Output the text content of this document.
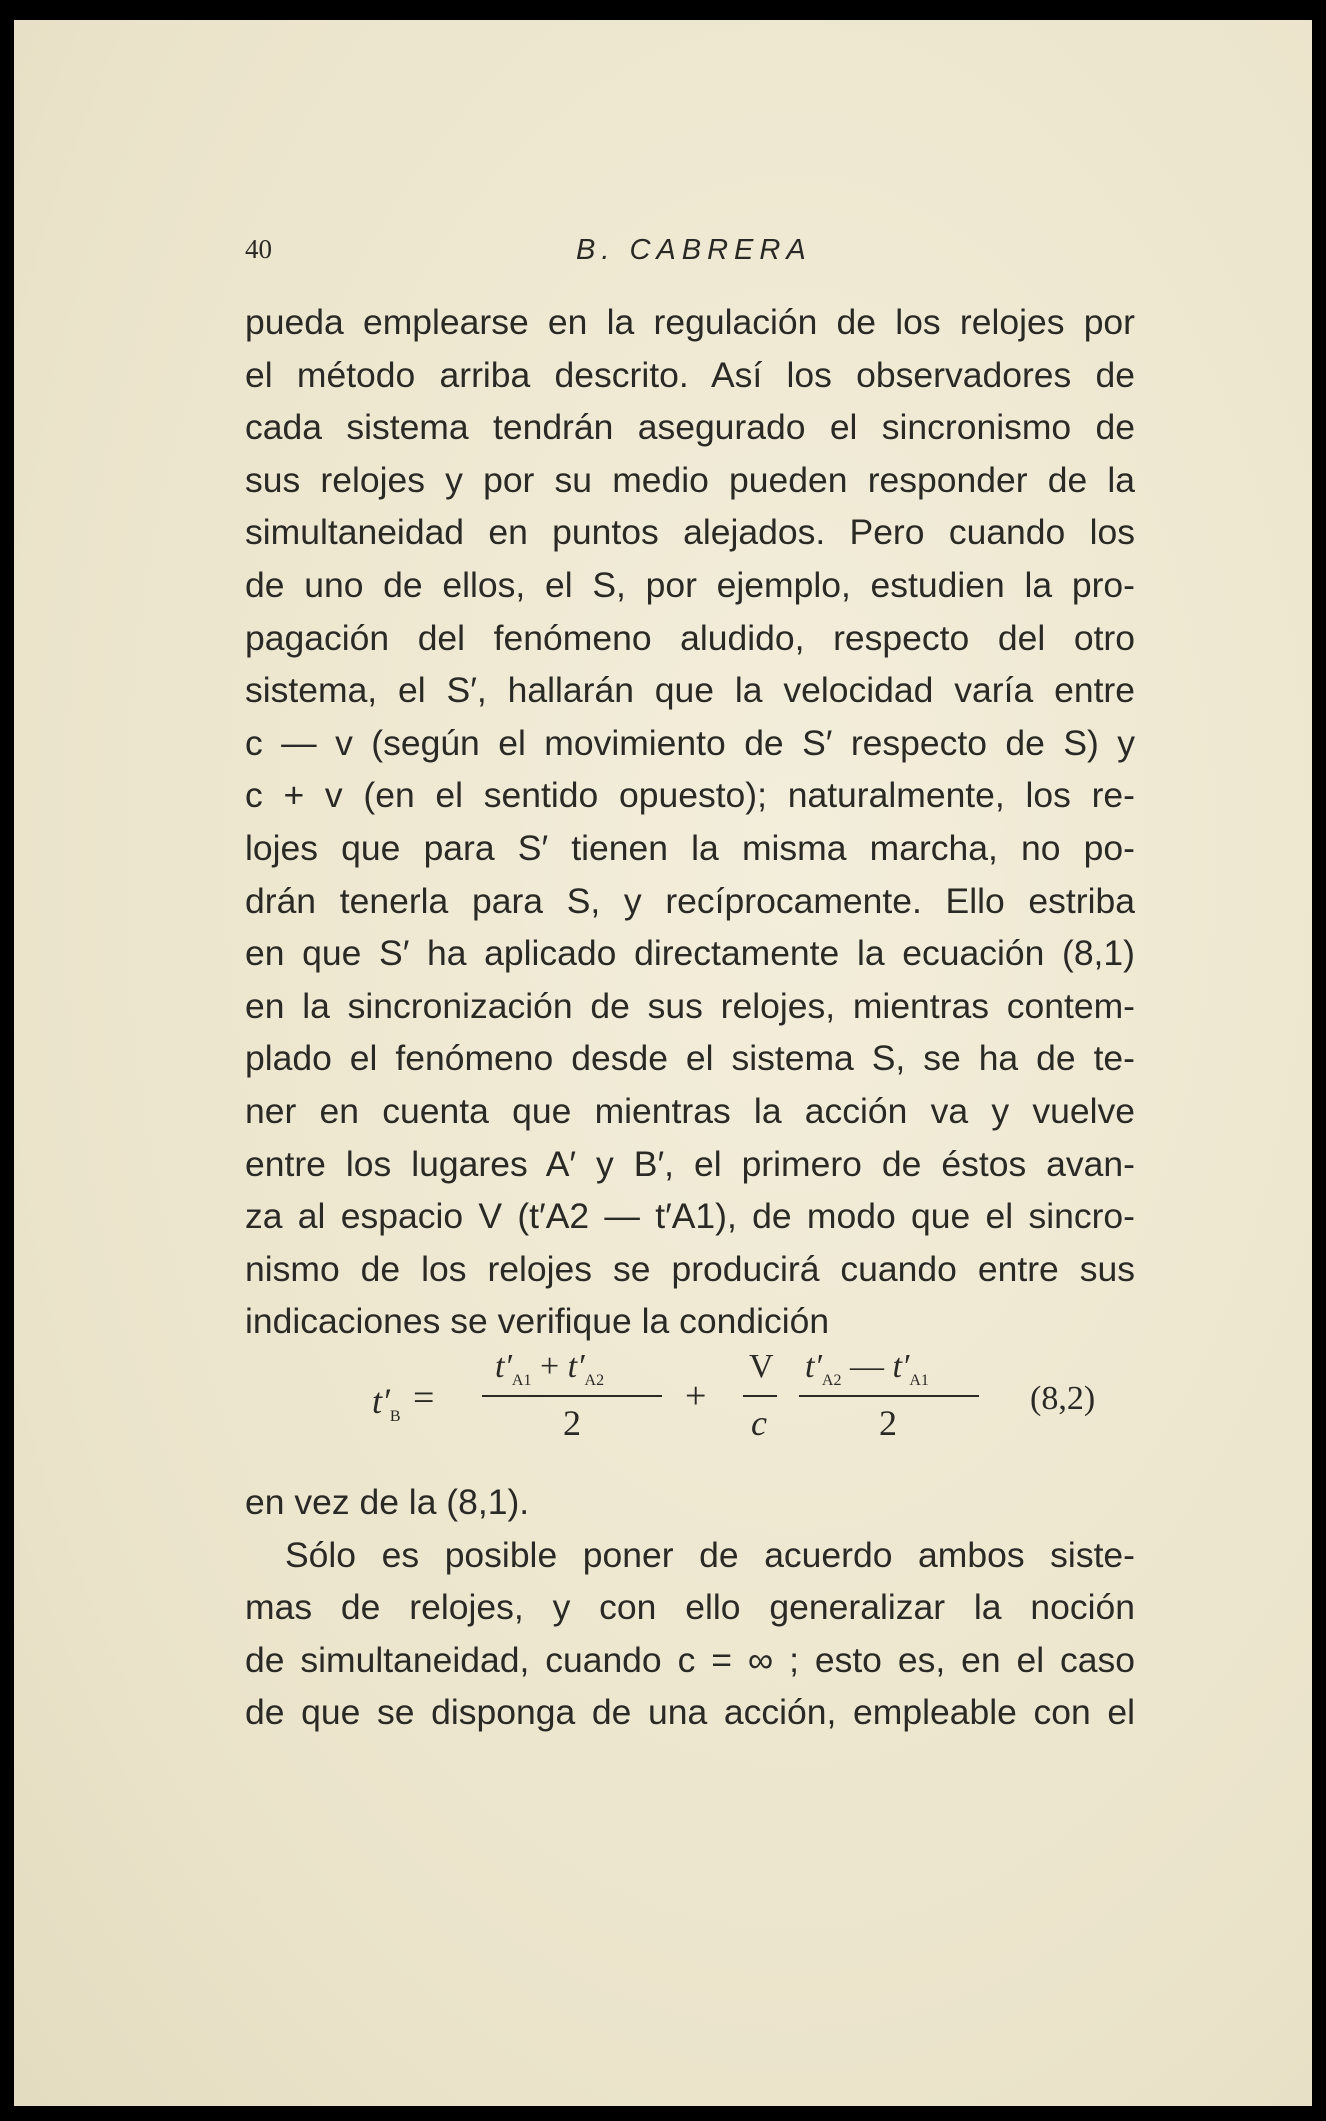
40	B. CABRERA
pueda emplearse en la regulación de los relojes por
el método arriba descrito. Así los observadores de
cada sistema tendrán asegurado el sincronismo de
sus relojes y por su medio pueden responder de la
simultaneidad en puntos alejados. Pero cuando los
de uno de ellos, el S, por ejemplo, estudien la pro-
pagación del fenómeno aludido, respecto del otro
sistema, el S′, hallarán que la velocidad varía entre
c — v (según el movimiento de S′ respecto de S) y
c + v (en el sentido opuesto); naturalmente, los re-
lojes que para S′ tienen la misma marcha, no po-
drán tenerla para S, y recíprocamente. Ello estriba
en que S′ ha aplicado directamente la ecuación (8,1)
en la sincronización de sus relojes, mientras contem-
plado el fenómeno desde el sistema S, se ha de te-
ner en cuenta que mientras la acción va y vuelve
entre los lugares A′ y B′, el primero de éstos avan-
za al espacio V (t′A2 — t′A1), de modo que el sincro-
nismo de los relojes se producirá cuando entre sus
indicaciones se verifique la condición
$t'_B$ =
$t'_{A1} + t'_{A2}$
2
+
V
c
$t'_{A2}$ — $t'_{A1}$
2
(8,2)
en vez de la (8,1).
Sólo es posible poner de acuerdo ambos siste-
mas de relojes, y con ello generalizar la noción
de simultaneidad, cuando c = ∞ ; esto es, en el caso
de que se disponga de una acción, empleable con el
